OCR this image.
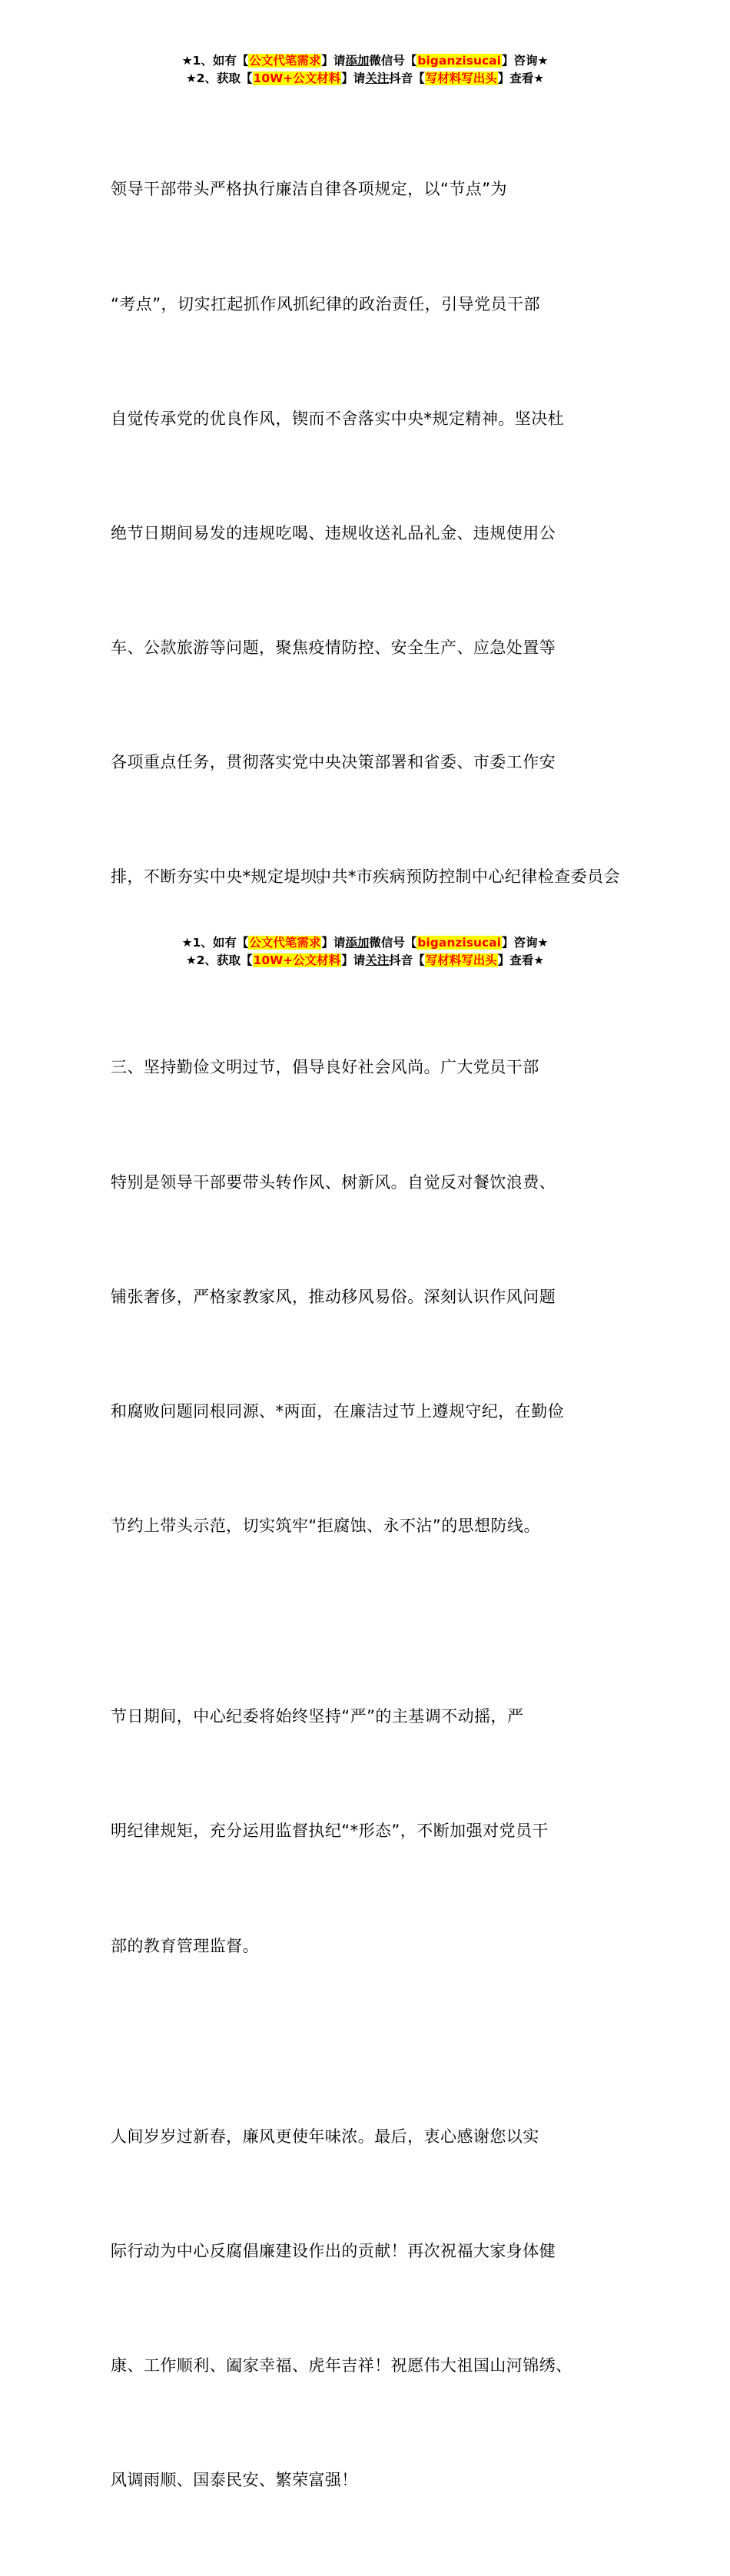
★1、如有【公文代笔需求】请添加微信号【biganzisucai】咨询★
★2、获取【10W+公文材料】请关注抖音【写材料写出头】查看★

领导干部带头严格执行廉洁自律各项规定，以“节点”为

“考点”，切实扛起抓作风抓纪律的政治责任，引导党员干部

自觉传承党的优良作风，锲而不舍落实中央*规定精神。坚决杜

绝节日期间易发的违规吃喝、违规收送礼品礼金、违规使用公

车、公款旅游等问题，聚焦疫情防控、安全生产、应急处置等

各项重点任务，贯彻落实党中央决策部署和省委、市委工作安

排，不断夯实中央*规定堤坝。

三、坚持勤俭文明过节，倡导良好社会风尚。广大党员干部

特别是领导干部要带头转作风、树新风。自觉反对餐饮浪费、

铺张奢侈，严格家教家风，推动移风易俗。深刻认识作风问题

和腐败问题同根同源、*两面，在廉洁过节上遵规守纪，在勤俭

节约上带头示范，切实筑牢“拒腐蚀、永不沾”的思想防线。

节日期间，中心纪委将始终坚持“严”的主基调不动摇，严

明纪律规矩，充分运用监督执纪“*形态”，不断加强对党员干

部的教育管理监督。

人间岁岁过新春，廉风更使年味浓。最后，衷心感谢您以实

际行动为中心反腐倡廉建设作出的贡献！再次祝福大家身体健

康、工作顺利、阖家幸福、虎年吉祥！祝愿伟大祖国山河锦绣、

风调雨顺、国泰民安、繁荣富强！

中共*市疾病预防控制中心纪律检查委员会
★1、如有【公文代笔需求】请添加微信号【biganzisucai】咨询★
★2、获取【10W+公文材料】请关注抖音【写材料写出头】查看★
